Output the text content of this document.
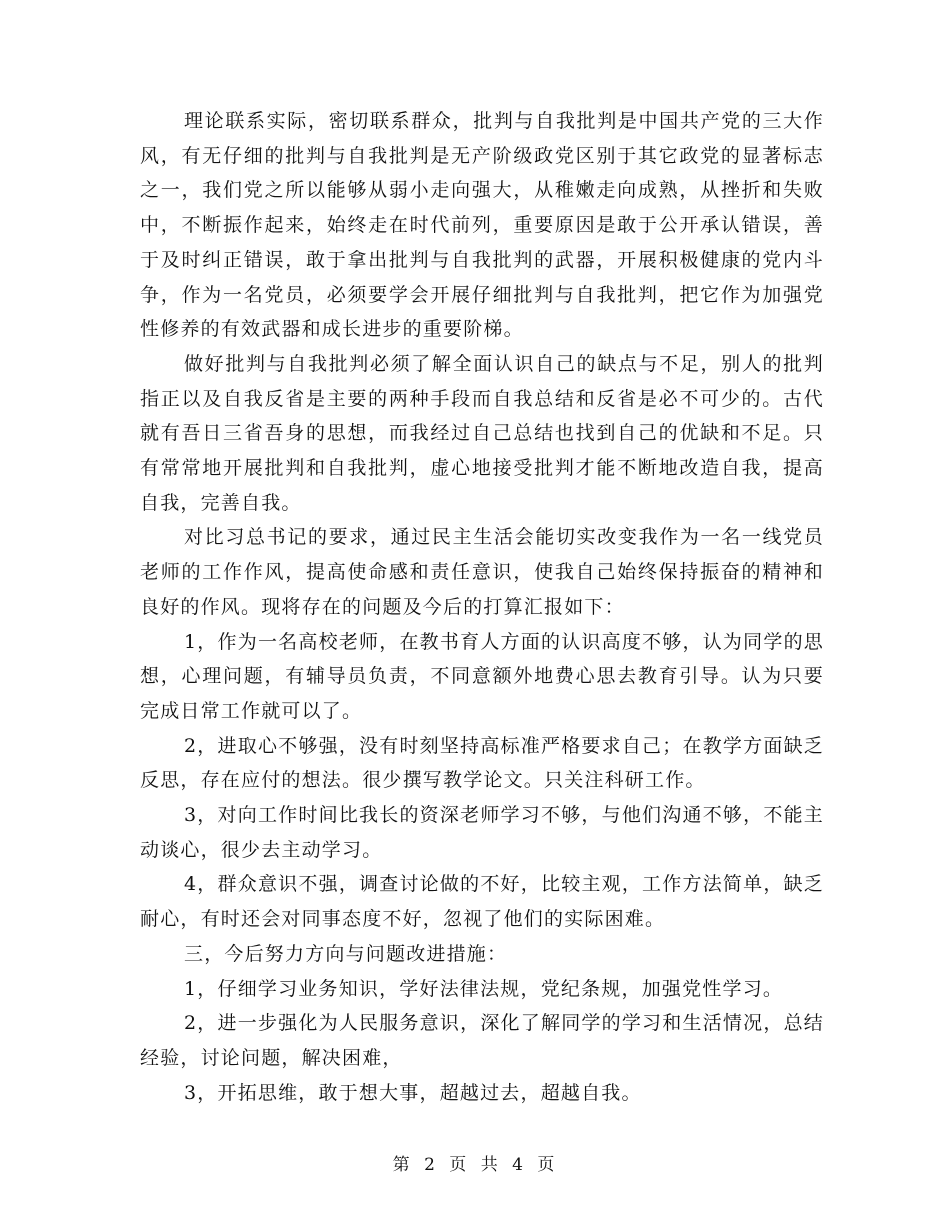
理论联系实际，密切联系群众，批判与自我批判是中国共产党的三大作风，有无仔细的批判与自我批判是无产阶级政党区别于其它政党的显著标志之一，我们党之所以能够从弱小走向强大，从稚嫩走向成熟，从挫折和失败中，不断振作起来，始终走在时代前列，重要原因是敢于公开承认错误，善于及时纠正错误，敢于拿出批判与自我批判的武器，开展积极健康的党内斗争，作为一名党员，必须要学会开展仔细批判与自我批判，把它作为加强党性修养的有效武器和成长进步的重要阶梯。

做好批判与自我批判必须了解全面认识自己的缺点与不足，别人的批判指正以及自我反省是主要的两种手段而自我总结和反省是必不可少的。古代就有吾日三省吾身的思想，而我经过自己总结也找到自己的优缺和不足。只有常常地开展批判和自我批判，虚心地接受批判才能不断地改造自我，提高自我，完善自我。

对比习总书记的要求，通过民主生活会能切实改变我作为一名一线党员老师的工作作风，提高使命感和责任意识，使我自己始终保持振奋的精神和良好的作风。现将存在的问题及今后的打算汇报如下：

1，作为一名高校老师，在教书育人方面的认识高度不够，认为同学的思想，心理问题，有辅导员负责，不同意额外地费心思去教育引导。认为只要完成日常工作就可以了。

2，进取心不够强，没有时刻坚持高标准严格要求自己；在教学方面缺乏反思，存在应付的想法。很少撰写教学论文。只关注科研工作。

3，对向工作时间比我长的资深老师学习不够，与他们沟通不够，不能主动谈心，很少去主动学习。

4，群众意识不强，调查讨论做的不好，比较主观，工作方法简单，缺乏耐心，有时还会对同事态度不好，忽视了他们的实际困难。

三，今后努力方向与问题改进措施：

1，仔细学习业务知识，学好法律法规，党纪条规，加强党性学习。

2，进一步强化为人民服务意识，深化了解同学的学习和生活情况，总结经验，讨论问题，解决困难，

3，开拓思维，敢于想大事，超越过去，超越自我。

第 2 页 共 4 页
